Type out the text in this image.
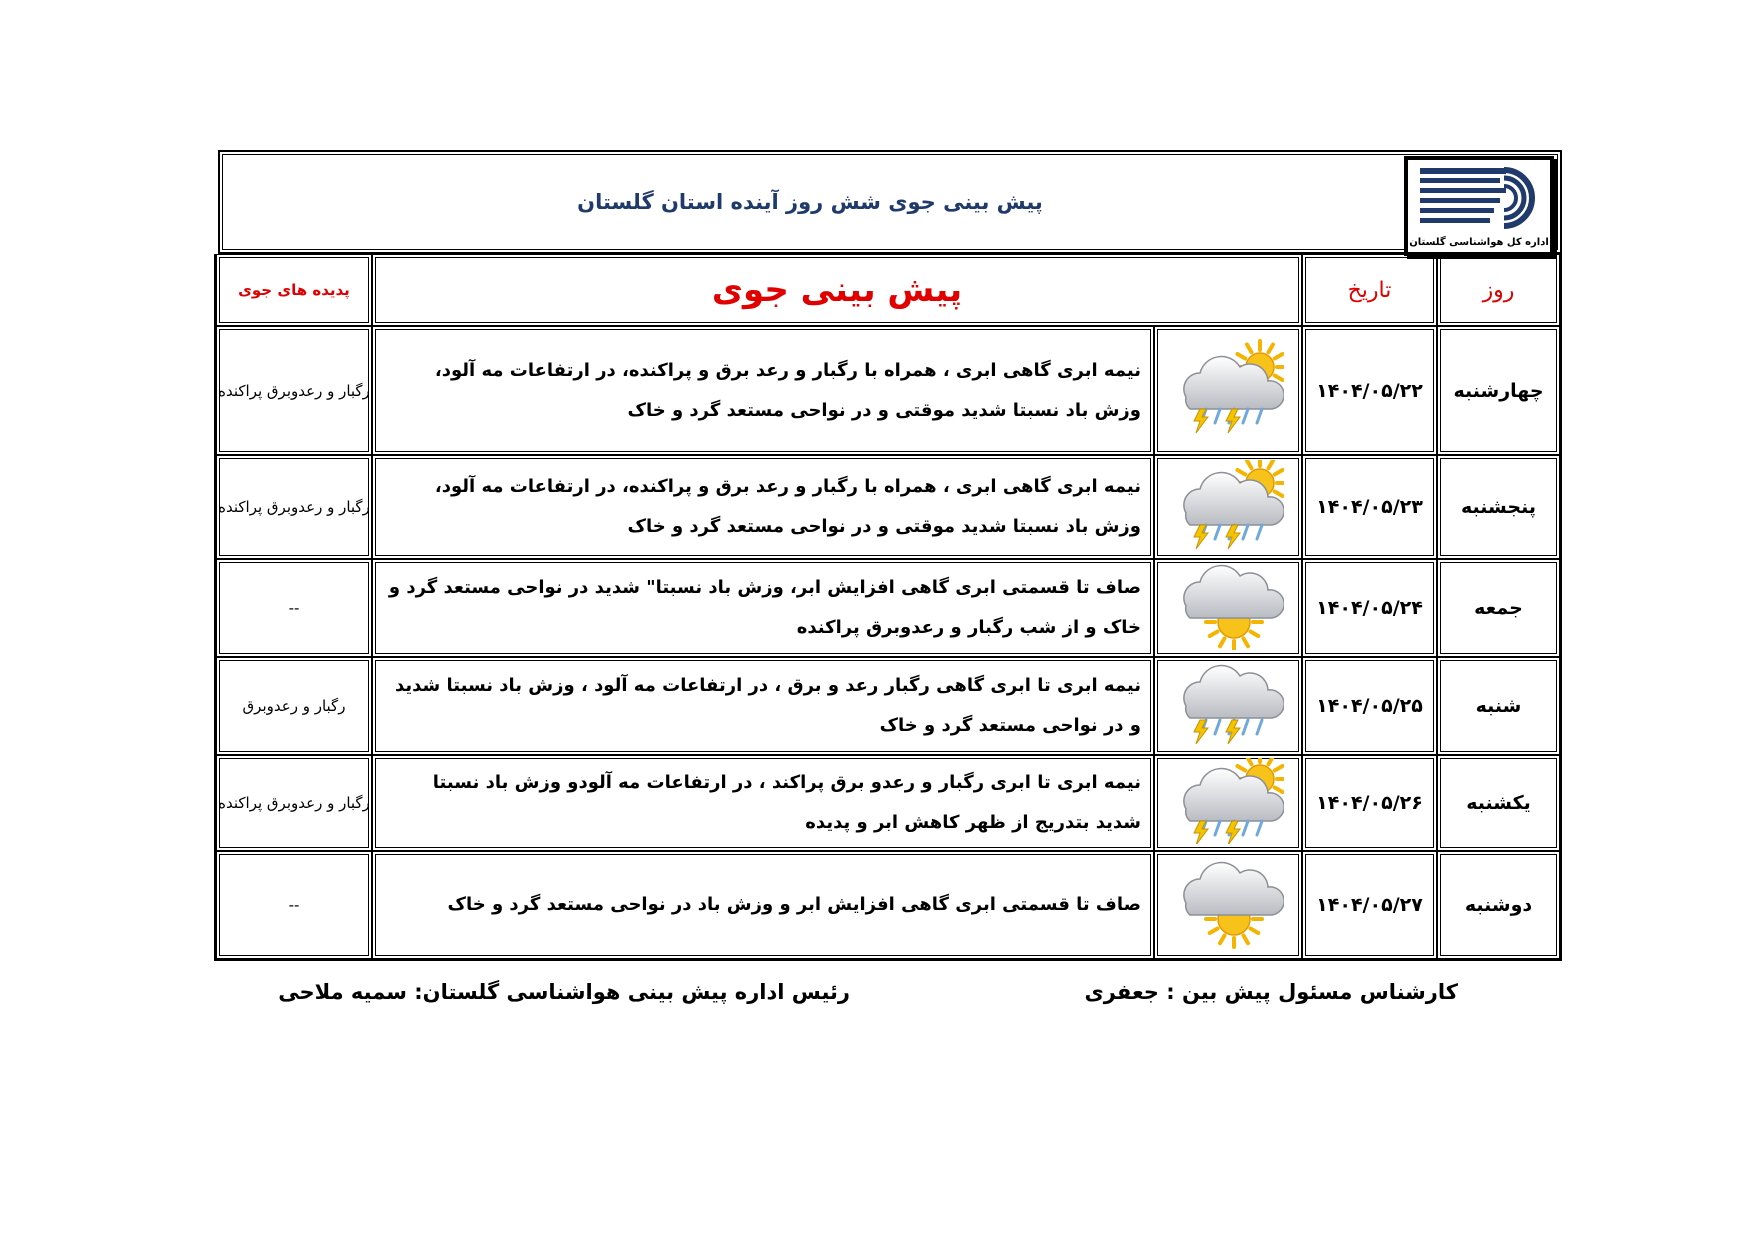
پیش بینی جوی شش روز آینده استان گلستان
اداره کل هواشناسی گلستان
روز	تاریخ	پیش بینی جوی		پدیده های جوی
چهارشنبه	۱۴۰۴/۰۵/۲۲		نیمه ابری گاهی ابری ، همراه با رگبار و رعد برق و پراکنده، در ارتفاعات مه آلود، وزش باد نسبتا شدید موقتی و در نواحی مستعد گرد و خاک	رگبار و رعدوبرق پراکنده
پنجشنبه	۱۴۰۴/۰۵/۲۳		نیمه ابری گاهی ابری ، همراه با رگبار و رعد برق و پراکنده، در ارتفاعات مه آلود، وزش باد نسبتا شدید موقتی و در نواحی مستعد گرد و خاک	رگبار و رعدوبرق پراکنده
جمعه	۱۴۰۴/۰۵/۲۴		صاف تا قسمتی ابری گاهی افزایش ابر، وزش باد نسبتا" شدید در نواحی مستعد گرد و خاک و از شب رگبار و رعدوبرق پراکنده	--
شنبه	۱۴۰۴/۰۵/۲۵		نیمه ابری تا ابری گاهی رگبار رعد و برق ، در ارتفاعات مه آلود ، وزش باد نسبتا شدید و در نواحی مستعد گرد و خاک	رگبار و رعدوبرق
یکشنبه	۱۴۰۴/۰۵/۲۶		نیمه ابری تا ابری رگبار و رعدو برق پراکند ، در ارتفاعات مه آلودو وزش باد نسبتا شدید بتدریج از ظهر کاهش ابر و پدیده	رگبار و رعدوبرق پراکنده
دوشنبه	۱۴۰۴/۰۵/۲۷		صاف تا قسمتی ابری گاهی افزایش ابر و وزش باد در نواحی مستعد گرد و خاک	--
کارشناس مسئول پیش بین : جعفری
رئیس اداره پیش بینی هواشناسی گلستان: سمیه ملاحی
